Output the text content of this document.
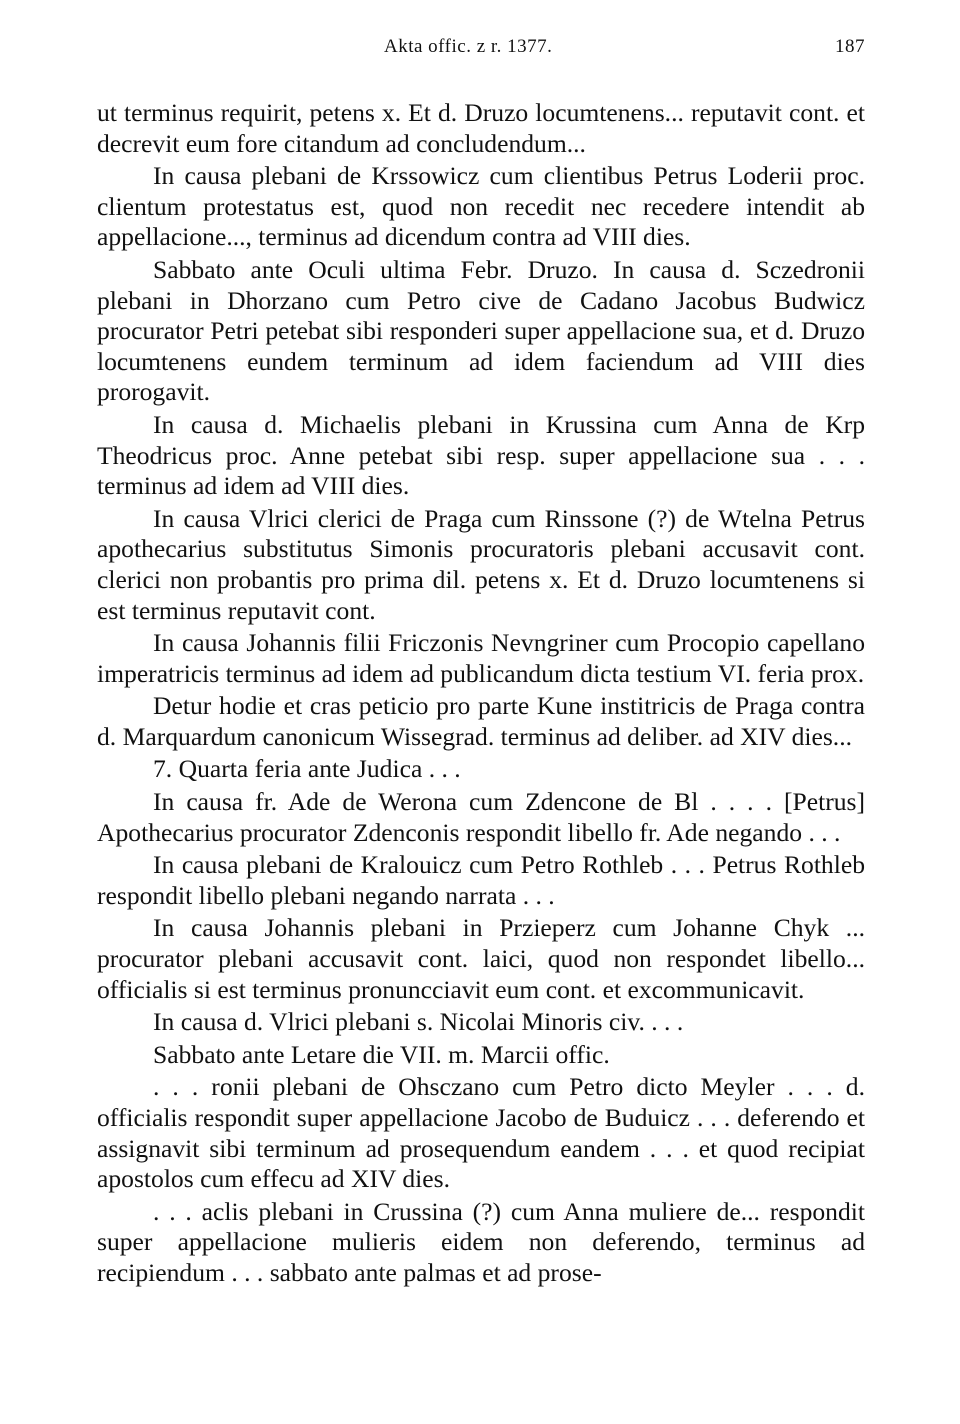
Akta offic. z r. 1377.	187

ut terminus requirit, petens x. Et d. Druzo locumtenens... reputavit cont. et decrevit eum fore citandum ad concludendum...

In causa plebani de Krssowicz cum clientibus Petrus Loderii proc. clientum protestatus est, quod non recedit nec recedere intendit ab appellacione..., terminus ad dicendum contra ad VIII dies.

Sabbato ante Oculi ultima Febr. Druzo. In causa d. Sczedronii plebani in Dhorzano cum Petro cive de Cadano Jacobus Budwicz procurator Petri petebat sibi responderi super appellacione sua, et d. Druzo locumtenens eundem terminum ad idem faciendum ad VIII dies prorogavit.

In causa d. Michaelis plebani in Krussina cum Anna de Krp Theodricus proc. Anne petebat sibi resp. super appellacione sua . . . terminus ad idem ad VIII dies.

In causa Vlrici clerici de Praga cum Rinssone (?) de Wtelna Petrus apothecarius substitutus Simonis procuratoris plebani accusavit cont. clerici non probantis pro prima dil. petens x. Et d. Druzo locumtenens si est terminus reputavit cont.

In causa Johannis filii Friczonis Nevngriner cum Procopio capellano imperatricis terminus ad idem ad publicandum dicta testium VI. feria prox.

Detur hodie et cras peticio pro parte Kune institricis de Praga contra d. Marquardum canonicum Wissegrad. terminus ad deliber. ad XIV dies...

7. Quarta feria ante Judica . . .

In causa fr. Ade de Werona cum Zdencone de Bl . . . . [Petrus] Apothecarius procurator Zdenconis respondit libello fr. Ade negando . . .

In causa plebani de Kralouicz cum Petro Rothleb . . . Petrus Rothleb respondit libello plebani negando narrata . . .

In causa Johannis plebani in Przieperz cum Johanne Chyk ... procurator plebani accusavit cont. laici, quod non respondet libello... officialis si est terminus pronuncciavit eum cont. et excommunicavit.

In causa d. Vlrici plebani s. Nicolai Minoris civ. . . .

Sabbato ante Letare die VII. m. Marcii offic.

. . . ronii plebani de Ohsczano cum Petro dicto Meyler . . . d. officialis respondit super appellacione Jacobo de Buduicz . . . deferendo et assignavit sibi terminum ad prosequendum eandem . . . et quod recipiat apostolos cum effecu ad XIV dies.

. . . aclis plebani in Crussina (?) cum Anna muliere de... respondit super appellacione mulieris eidem non deferendo, terminus ad recipiendum . . . sabbato ante palmas et ad prose-
